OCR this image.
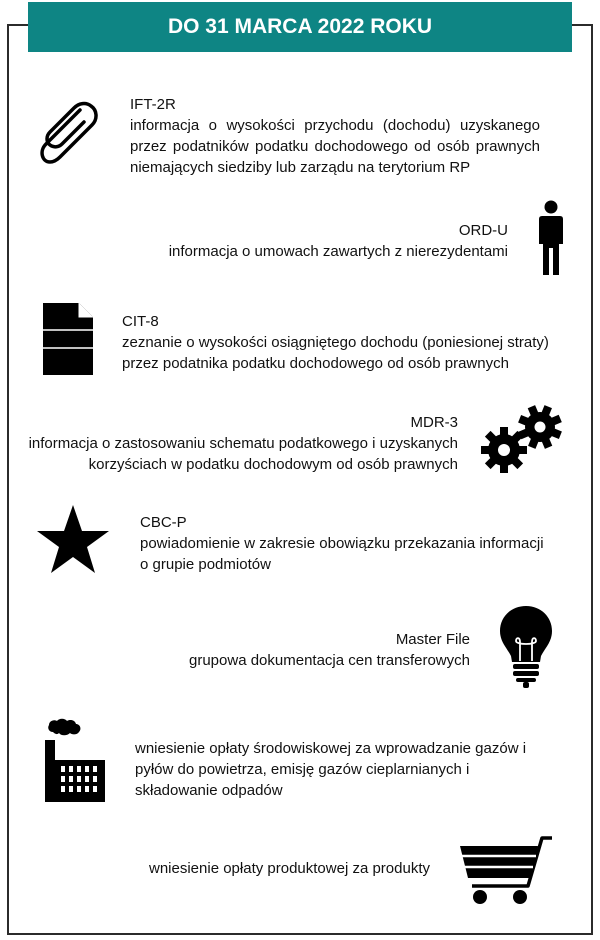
DO 31 MARCA 2022 ROKU
IFT-2R
informacja o wysokości przychodu (dochodu) uzyskanego przez podatników podatku dochodowego od osób prawnych niemających siedziby lub zarządu na terytorium RP
ORD-U
informacja o umowach zawartych z nierezydentami
CIT-8
zeznanie o wysokości osiągniętego dochodu (poniesionej straty) przez podatnika podatku dochodowego od osób prawnych
MDR-3
informacja o zastosowaniu schematu podatkowego i uzyskanych korzyściach w podatku dochodowym od osób prawnych
CBC-P
powiadomienie w zakresie obowiązku przekazania informacji o grupie podmiotów
Master File
grupowa dokumentacja cen transferowych
wniesienie opłaty środowiskowej za wprowadzanie gazów i pyłów do powietrza, emisję gazów cieplarnianych i składowanie odpadów
wniesienie opłaty produktowej za produkty
